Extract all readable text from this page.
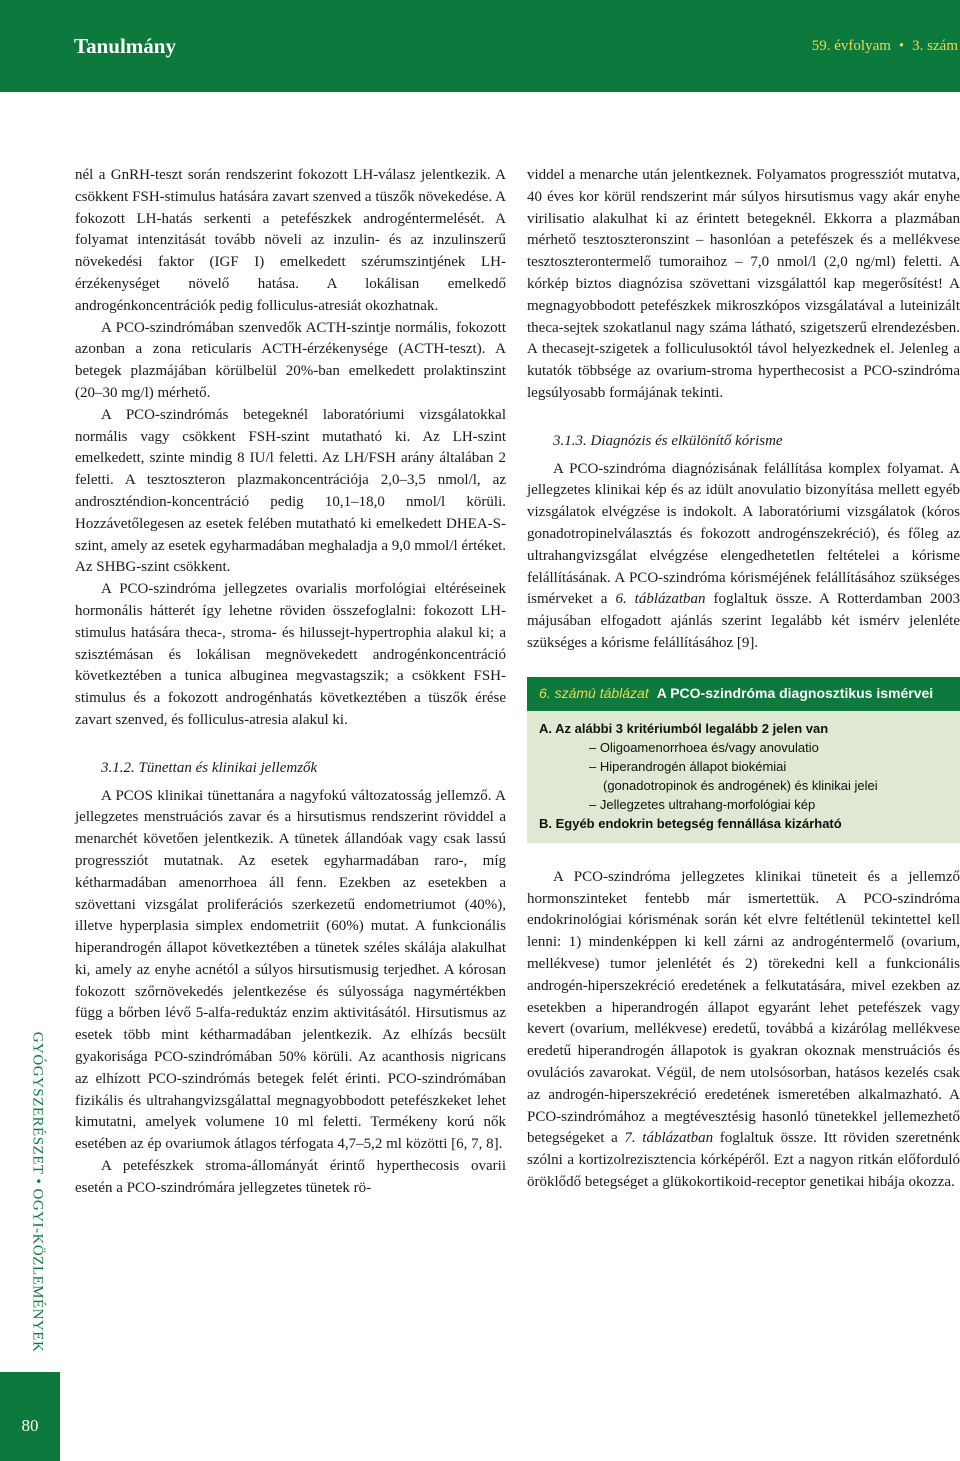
Tanulmány	59. évfolyam • 3. szám
GYÓGYSZERÉSZET • OGYI-KÖZLEMÉNYEK
80

nél a GnRH-teszt során rendszerint fokozott LH-válasz jelentkezik. A csökkent FSH-stimulus hatására zavart szenved a tüszők növekedése. A fokozott LH-hatás serkenti a petefészkek androgéntermelését. A folyamat intenzitását tovább növeli az inzulin- és az inzulinszerű növekedési faktor (IGF I) emelkedett szérumszintjének LH-érzékenységet növelő hatása. A lokálisan emelkedő androgénkoncentrációk pedig folliculus-atresiát okozhatnak.

A PCO-szindrómában szenvedők ACTH-szintje normális, fokozott azonban a zona reticularis ACTH-érzékenysége (ACTH-teszt). A betegek plazmájában körülbelül 20%-ban emelkedett prolaktinszint (20–30 mg/l) mérhető.

A PCO-szindrómás betegeknél laboratóriumi vizsgálatokkal normális vagy csökkent FSH-szint mutatható ki. Az LH-szint emelkedett, szinte mindig 8 IU/l feletti. Az LH/FSH arány általában 2 feletti. A tesztoszteron plazmakoncentrációja 2,0–3,5 nmol/l, az androszténdion-koncentráció pedig 10,1–18,0 nmol/l körüli. Hozzávetőlegesen az esetek felében mutatható ki emelkedett DHEA-S-szint, amely az esetek egyharmadában meghaladja a 9,0 mmol/l értéket. Az SHBG-szint csökkent.

A PCO-szindróma jellegzetes ovarialis morfológiai eltéréseinek hormonális hátterét így lehetne röviden összefoglalni: fokozott LH-stimulus hatására theca-, stroma- és hilussejt-hypertrophia alakul ki; a szisztémásan és lokálisan megnövekedett androgénkoncentráció következtében a tunica albuginea megvastagszik; a csökkent FSH-stimulus és a fokozott androgénhatás következtében a tüszők érése zavart szenved, és folliculus-atresia alakul ki.

3.1.2. Tünettan és klinikai jellemzők

A PCOS klinikai tünettanára a nagyfokú változatosság jellemző. A jellegzetes menstruációs zavar és a hirsutismus rendszerint röviddel a menarchét követően jelentkezik. A tünetek állandóak vagy csak lassú progressziót mutatnak. Az esetek egyharmadában raro-, míg kétharmadában amenorrhoea áll fenn. Ezekben az esetekben a szövettani vizsgálat proliferációs szerkezetű endometriumot (40%), illetve hyperplasia simplex endometriit (60%) mutat. A funkcionális hiperandrogén állapot következtében a tünetek széles skálája alakulhat ki, amely az enyhe acnétól a súlyos hirsutismusig terjedhet. A kórosan fokozott szőrnövekedés jelentkezése és súlyossága nagymértékben függ a bőrben lévő 5-alfa-reduktáz enzim aktivitásától. Hirsutismus az esetek több mint kétharmadában jelentkezik. Az elhízás becsült gyakorisága PCO-szindrómában 50% körüli. Az acanthosis nigricans az elhízott PCO-szindrómás betegek felét érinti. PCO-szindrómában fizikális és ultrahangvizsgálattal megnagyobbodott petefészkeket lehet kimutatni, amelyek volumene 10 ml feletti. Termékeny korú nők esetében az ép ovariumok átlagos térfogata 4,7–5,2 ml közötti [6, 7, 8].

A petefészkek stroma-állományát érintő hyperthecosis ovarii esetén a PCO-szindrómára jellegzetes tünetek rö-

viddel a menarche után jelentkeznek. Folyamatos progressziót mutatva, 40 éves kor körül rendszerint már súlyos hirsutismus vagy akár enyhe virilisatio alakulhat ki az érintett betegeknél. Ekkorra a plazmában mérhető tesztoszteronszint – hasonlóan a petefészek és a mellékvese tesztoszterontermelő tumoraihoz – 7,0 nmol/l (2,0 ng/ml) feletti. A kórkép biztos diagnózisa szövettani vizsgálattól kap megerősítést! A megnagyobbodott petefészkek mikroszkópos vizsgálatával a luteinizált theca-sejtek szokatlanul nagy száma látható, szigetszerű elrendezésben. A thecasejt-szigetek a folliculusoktól távol helyezkednek el. Jelenleg a kutatók többsége az ovarium-stroma hyperthecosist a PCO-szindróma legsúlyosabb formájának tekinti.

3.1.3. Diagnózis és elkülönítő kórisme

A PCO-szindróma diagnózisának felállítása komplex folyamat. A jellegzetes klinikai kép és az idült anovulatio bizonyítása mellett egyéb vizsgálatok elvégzése is indokolt. A laboratóriumi vizsgálatok (kóros gonadotropinelválasztás és fokozott androgénszekréció), és főleg az ultrahangvizsgálat elvégzése elengedhetetlen feltételei a kórisme felállításának. A PCO-szindróma kórisméjének felállításához szükséges ismérveket a 6. táblázatban foglaltuk össze. A Rotterdamban 2003 májusában elfogadott ajánlás szerint legalább két ismérv jelenléte szükséges a kórisme felállításához [9].

6. számú táblázat A PCO-szindróma diagnosztikus ismérvei
A. Az alábbi 3 kritériumból legalább 2 jelen van
– Oligoamenorrhoea és/vagy anovulatio
– Hiperandrogén állapot biokémiai
(gonadotropinok és androgének) és klinikai jelei
– Jellegzetes ultrahang-morfológiai kép
B. Egyéb endokrin betegség fennállása kizárható

A PCO-szindróma jellegzetes klinikai tüneteit és a jellemző hormonszinteket fentebb már ismertettük. A PCO-szindróma endokrinológiai kórisménak során két elvre feltétlenül tekintettel kell lenni: 1) mindenképpen ki kell zárni az androgéntermelő (ovarium, mellékvese) tumor jelenlétét és 2) törekedni kell a funkcionális androgén-hiperszekréció eredetének a felkutatására, mivel ezekben az esetekben a hiperandrogén állapot egyaránt lehet petefészek vagy kevert (ovarium, mellékvese) eredetű, továbbá a kizárólag mellékvese eredetű hiperandrogén állapotok is gyakran okoznak menstruációs és ovulációs zavarokat. Végül, de nem utolsósorban, hatásos kezelés csak az androgén-hiperszekréció eredetének ismeretében alkalmazható. A PCO-szindrómához a megtévesztésig hasonló tünetekkel jellemezhető betegségeket a 7. táblázatban foglaltuk össze. Itt röviden szeretnénk szólni a kortizolrezisztencia kórképéről. Ezt a nagyon ritkán előforduló öröklődő betegséget a glükokortikoid-receptor genetikai hibája okozza.
